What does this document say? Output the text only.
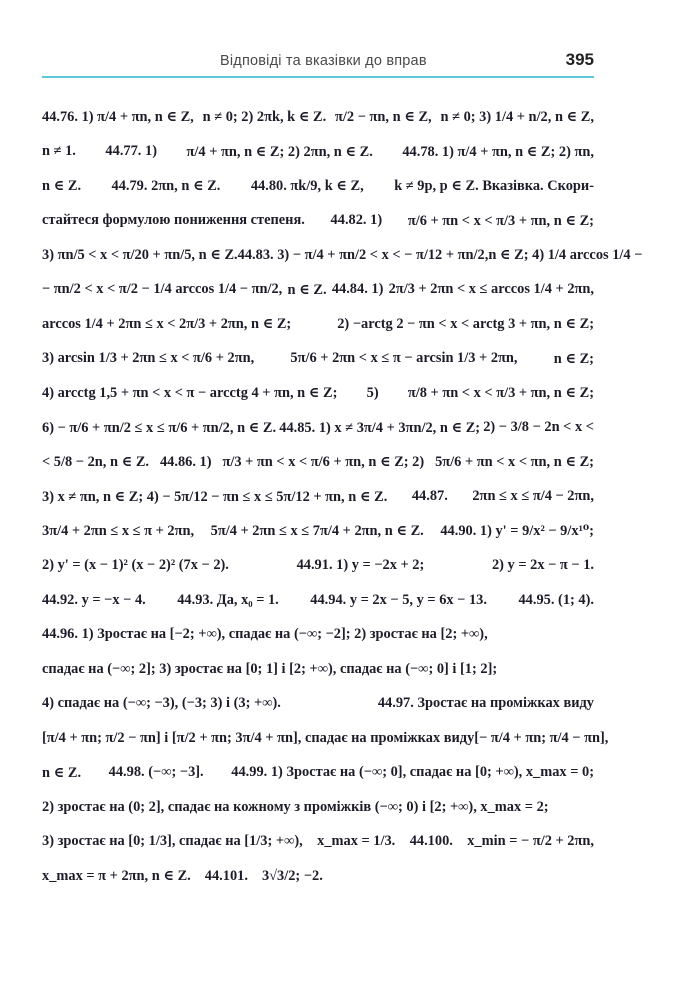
Відповіді та вказівки до вправ	395
44.76. 1) π/4 + πn, n ∈ Z, n ≠ 0; 2) 2πk, k ∈ Z. π/2 − πn, n ∈ Z, n ≠ 0; 3) 1/4 + n/2, n ∈ Z,
n ≠ 1. 44.77. 1) π/4 + πn, n ∈ Z; 2) 2πn, n ∈ Z. 44.78. 1) π/4 + πn, n ∈ Z; 2) πn,
n ∈ Z. 44.79. 2πn, n ∈ Z. 44.80. πk/9, k ∈ Z, k ≠ 9p, p ∈ Z. Вказівка. Скори-
стайтеся формулою пониження степеня. 44.82. 1) π/6 + πn < x < π/3 + πn, n ∈ Z;
3) πn/5 < x < π/20 + πn/5, n ∈ Z. 44.83. 3) − π/4 + πn/2 < x < − π/12 + πn/2, n ∈ Z; 4) 1/4 arccos 1/4 −
− πn/2 < x < π/2 − 1/4 arccos 1/4 − πn/2, n ∈ Z. 44.84. 1) 2π/3 + 2πn < x ≤ arccos 1/4 + 2πn,
arccos 1/4 + 2πn ≤ x < 2π/3 + 2πn, n ∈ Z;	2) −arctg 2 − πn < x < arctg 3 + πn, n ∈ Z;
3) arcsin 1/3 + 2πn ≤ x < π/6 + 2πn,	5π/6 + 2πn < x ≤ π − arcsin 1/3 + 2πn,	n ∈ Z;
4) arcctg 1,5 + πn < x < π − arcctg 4 + πn, n ∈ Z; 5) π/8 + πn < x < π/3 + πn, n ∈ Z;
6) − π/6 + πn/2 ≤ x ≤ π/6 + πn/2, n ∈ Z. 44.85. 1) x ≠ 3π/4 + 3πn/2, n ∈ Z; 2) − 3/8 − 2n < x <
< 5/8 − 2n, n ∈ Z. 44.86. 1) π/3 + πn < x < π/6 + πn, n ∈ Z; 2) 5π/6 + πn < x < πn, n ∈ Z;
3) x ≠ πn, n ∈ Z; 4) − 5π/12 − πn ≤ x ≤ 5π/12 + πn, n ∈ Z. 44.87. 2πn ≤ x ≤ π/4 − 2πn,
3π/4 + 2πn ≤ x ≤ π + 2πn, 5π/4 + 2πn ≤ x ≤ 7π/4 + 2πn, n ∈ Z. 44.90. 1) y' = 9/x² − 9/x¹⁰;
2) y' = (x − 1)² (x − 2)² (7x − 2).	44.91. 1) y = −2x + 2;	2) y = 2x − π − 1.
44.92. y = −x − 4. 44.93. Да, x₀ = 1. 44.94. y = 2x − 5, y = 6x − 13. 44.95. (1; 4).
44.96. 1) Зростає на [−2; +∞), спадає на (−∞; −2]; 2) зростає на [2; +∞),
спадає на (−∞; 2]; 3) зростає на [0; 1] і [2; +∞), спадає на (−∞; 0] і [1; 2];
4) спадає на (−∞; −3), (−3; 3) і (3; +∞).	44.97. Зростає на проміжках виду
[π/4 + πn; π/2 − πn] і [π/2 + πn; 3π/4 + πn], спадає на проміжках виду [− π/4 + πn; π/4 − πn],
n ∈ Z. 44.98. (−∞; −3]. 44.99. 1) Зростає на (−∞; 0], спадає на [0; +∞), x_max = 0;
2) зростає на (0; 2], спадає на кожному з проміжків (−∞; 0) і [2; +∞), x_max = 2;
3) зростає на [0; 1/3], спадає на [1/3; +∞), x_max = 1/3. 44.100. x_min = − π/2 + 2πn,
x_max = π + 2πn, n ∈ Z. 44.101. 3√3/2; −2.
